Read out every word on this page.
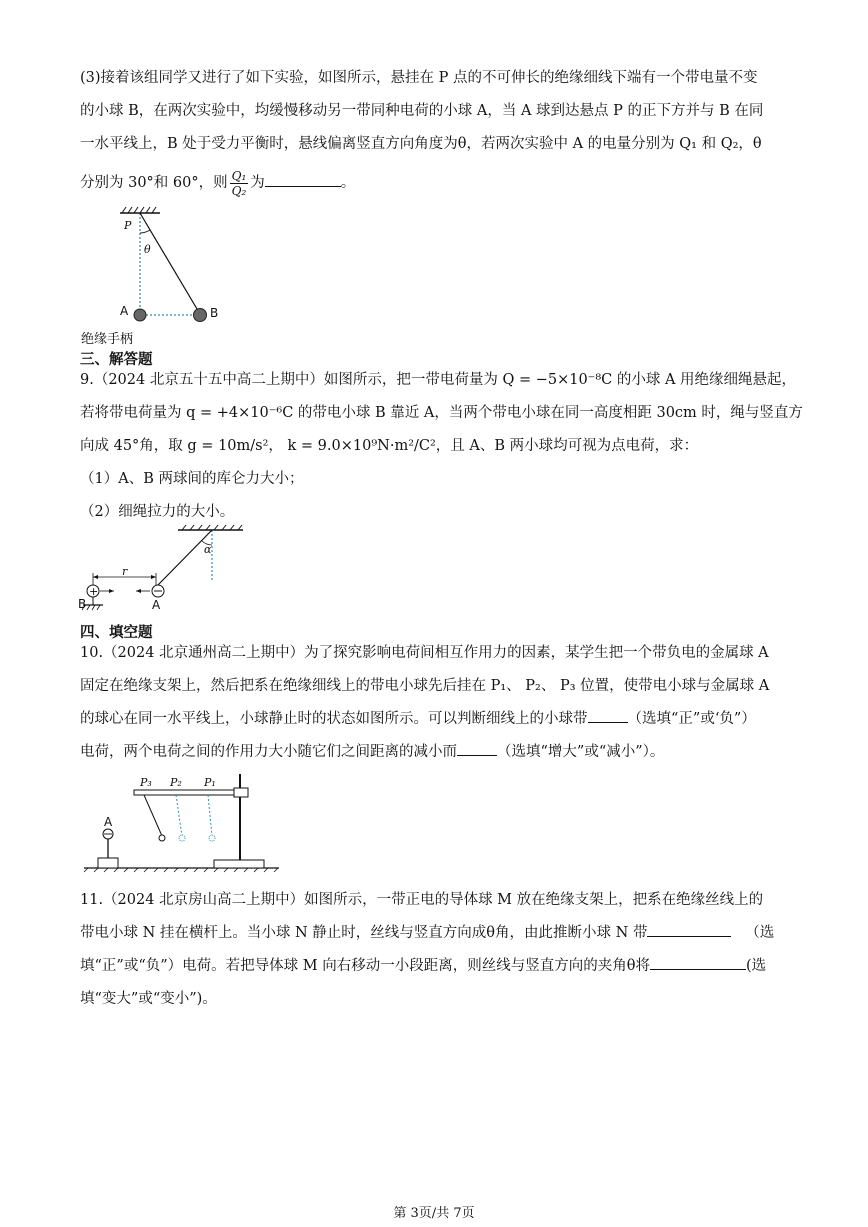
(3)接着该组同学又进行了如下实验，如图所示，悬挂在 P 点的不可伸长的绝缘细线下端有一个带电量不变
的小球 B，在两次实验中，均缓慢移动另一带同种电荷的小球 A，当 A 球到达悬点 P 的正下方并与 B 在同
一水平线上，B 处于受力平衡时，悬线偏离竖直方向角度为θ，若两次实验中 A 的电量分别为 Q₁ 和 Q₂，θ
分别为 30°和 60°，则 $\frac{\text{Q₁}}{\text{Q₂}}$ 为	。
P
θ
A	B
绝缘手柄
三、解答题
9.（2024 北京五十五中高二上期中）如图所示，把一带电荷量为 Q = −5×10⁻⁸C 的小球 A 用绝缘细绳悬起，
若将带电荷量为 q = +4×10⁻⁶C 的带电小球 B 靠近 A，当两个带电小球在同一高度相距 30cm 时，绳与竖直方
向成 45°角，取 g = 10m/s²， k = 9.0×10⁹N·m²/C²，且 A、B 两小球均可视为点电荷，求：
（1）A、B 两球间的库仑力大小；
（2）细绳拉力的大小。
α
r
+
B	A
四、填空题
10.（2024 北京通州高二上期中）为了探究影响电荷间相互作用力的因素，某学生把一个带负电的金属球 A
固定在绝缘支架上，然后把系在绝缘细线上的带电小球先后挂在 P₁、 P₂、 P₃ 位置，使带电小球与金属球 A
的球心在同一水平线上，小球静止时的状态如图所示。可以判断细线上的小球带	（选填“正”或‘负”）
电荷，两个电荷之间的作用力大小随它们之间距离的减小而	（选填“增大”或“减小”）。
A
P₃ P₂ P₁
11.（2024 北京房山高二上期中）如图所示，一带正电的导体球 M 放在绝缘支架上，把系在绝缘丝线上的
带电小球 N 挂在横杆上。当小球 N 静止时，丝线与竖直方向成θ角，由此推断小球 N 带	（选
填“正”或“负”）电荷。若把导体球 M 向右移动一小段距离，则丝线与竖直方向的夹角θ将	(选
填“变大”或“变小”)。
第 3页/共 7页
